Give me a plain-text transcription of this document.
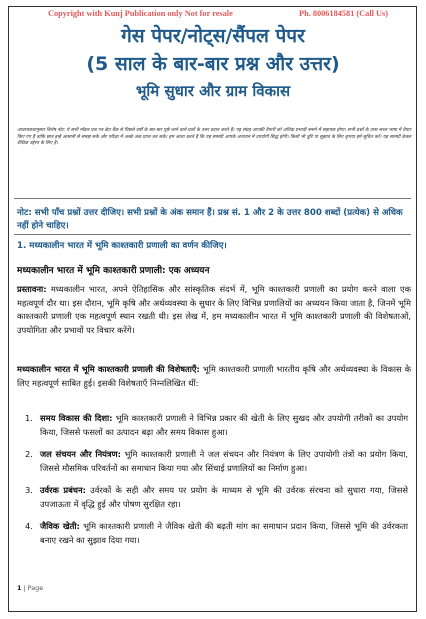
Copyright with Kunj Publication only Not for resale	Ph. 8006184581 (Call Us)
गेस पेपर/नोट्स/सैंपल पेपर
(5 साल के बार-बार प्रश्न और उत्तर)
भूमि सुधार और ग्राम विकास
आवश्यकतानुसार विशेष नोट: ये सभी मॉडल प्रश्न पत्र डेटा बैंक से पिछले वर्षों के बार-बार पूछे जाने वाले प्रश्नों के उत्तर प्रदान करते हैं। यह संग्रह आपकी तैयारी को अधिक प्रभावी बनाने में सहायक होगा। सभी प्रश्नों के उत्तर सरल भाषा में तैयार किए गए हैं ताकि छात्र इन्हें आसानी से समझ सकें और परीक्षा में अच्छे अंक प्राप्त कर सकें। हम आशा करते हैं कि यह सामग्री आपके अध्ययन में उपयोगी सिद्ध होगी। किसी भी त्रुटि या सुझाव के लिए कृपया हमें सूचित करें। यह सामग्री केवल शैक्षिक उद्देश्य के लिए है।
नोट: सभी पाँच प्रश्नों उत्तर दीजिए। सभी प्रश्नों के अंक समान हैं। प्रश्न सं. 1 और 2 के उत्तर 800 शब्दों (प्रत्येक) से अधिक नहीं होने चाहिए।
1. मध्यकालीन भारत में भूमि काश्तकारी प्रणाली का वर्णन कीजिए।
मध्यकालीन भारत में भूमि काश्तकारी प्रणाली: एक अध्ययन
प्रस्तावना: मध्यकालीन भारत, अपने ऐतिहासिक और सांस्कृतिक संदर्भ में, भूमि काश्तकारी प्रणाली का प्रयोग करने वाला एक महत्वपूर्ण दौर था। इस दौरान, भूमि कृषि और अर्थव्यवस्था के सुधार के लिए विभिन्न प्रणालियों का अध्ययन किया जाता है, जिनमें भूमि काश्तकारी प्रणाली एक महत्वपूर्ण स्थान रखती थी। इस लेख में, हम मध्यकालीन भारत में भूमि काश्तकारी प्रणाली की विशेषताओं, उपयोगिता और प्रभावों पर विचार करेंगे।
मध्यकालीन भारत में भूमि काश्तकारी प्रणाली की विशेषताएँ: भूमि काश्तकारी प्रणाली भारतीय कृषि और अर्थव्यवस्था के विकास के लिए महत्वपूर्ण साबित हुई। इसकी विशेषताएँ निम्नलिखित थीं:
1. समय विकास की दिशा: भूमि काश्तकारी प्रणाली ने विभिन्न प्रकार की खेती के लिए सुखद और उपयोगी तरीकों का उपयोग किया, जिससे फसलों का उत्पादन बढ़ा और समय विकास हुआ।
2. जल संचयन और नियंत्रण: भूमि काश्तकारी प्रणाली ने जल संचयन और नियंत्रण के लिए उपायोगी तंत्रों का प्रयोग किया, जिससे मौसमिक परिवर्तनों का समाधान किया गया और सिंचाई प्रणालियों का निर्माण हुआ।
3. उर्वरक प्रबंधन: उर्वरकों के सही और समय पर प्रयोग के माध्यम से भूमि की उर्वरक संरचना को सुधारा गया, जिससे उपजाऊता में वृद्धि हुई और पोषण सुरक्षित रहा।
4. जैविक खेती: भूमि काश्तकारी प्रणाली ने जैविक खेती की बढ़ती मांग का समाधान प्रदान किया, जिससे भूमि की उर्वरकता बनाए रखने का सुझाव दिया गया।
1 | Page
